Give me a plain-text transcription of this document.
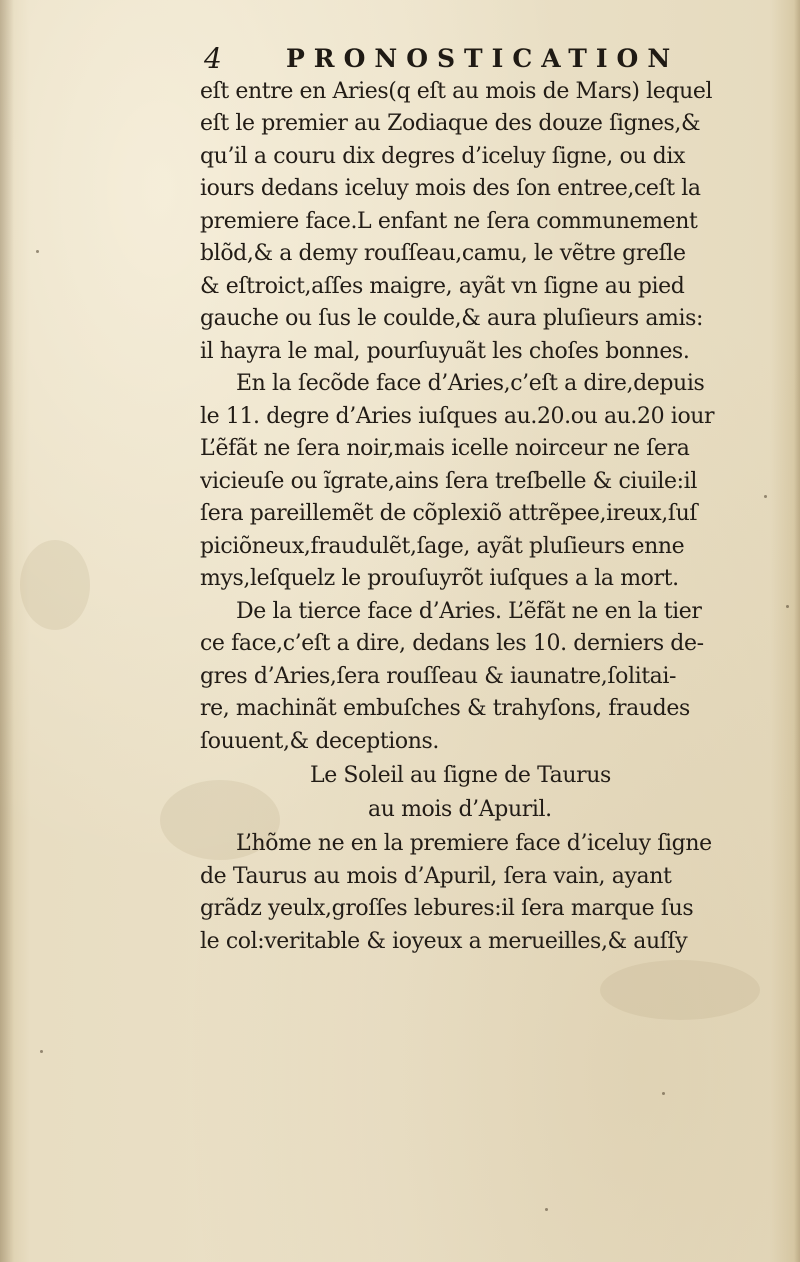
4	PRONOSTICATION
eſt entre en Aries(q eſt au mois de Mars) lequel
eſt le premier au Zodiaque des douze ſignes,&
qu’il a couru dix degres d’iceluy ſigne, ou dix
iours dedans iceluy mois des ſon entree,ceſt la
premiere face.L enfant ne ſera communement
blõd,& a demy rouſſeau,camu, le vẽtre greſle
& eſtroict,aſſes maigre, ayãt vn ſigne au pied
gauche ou ſus le coulde,& aura pluſieurs amis:
il hayra le mal, pourſuyuãt les choſes bonnes.
En la ſecõde face d’Aries,c’eſt a dire,depuis
le 11. degre d’Aries iuſques au.20.ou au.20 iour
L’ẽfãt ne ſera noir,mais icelle noirceur ne ſera
vicieuſe ou ĩgrate,ains ſera treſbelle & ciuile:il
ſera pareillemẽt de cõplexiõ attrẽpee,ireux,ſuſ
piciõneux,fraudulẽt,ſage, ayãt pluſieurs enne
mys,leſquelz le prouſuyrõt iuſques a la mort.
De la tierce face d’Aries. L’ẽfãt ne en la tier
ce face,c’eſt a dire, dedans les 10. derniers de-
gres d’Aries,ſera rouſſeau & iaunatre,ſolitai-
re, machinãt embuſches & trahyſons, fraudes
ſouuent,& deceptions.
Le Soleil au ſigne de Taurus
au mois d’Apuril.
L’hõme ne en la premiere face d’iceluy ſigne
de Taurus au mois d’Apuril, ſera vain, ayant
grãdz yeulx,groſſes lebures:il ſera marque ſus
le col:veritable & ioyeux a merueilles,& auſſy
